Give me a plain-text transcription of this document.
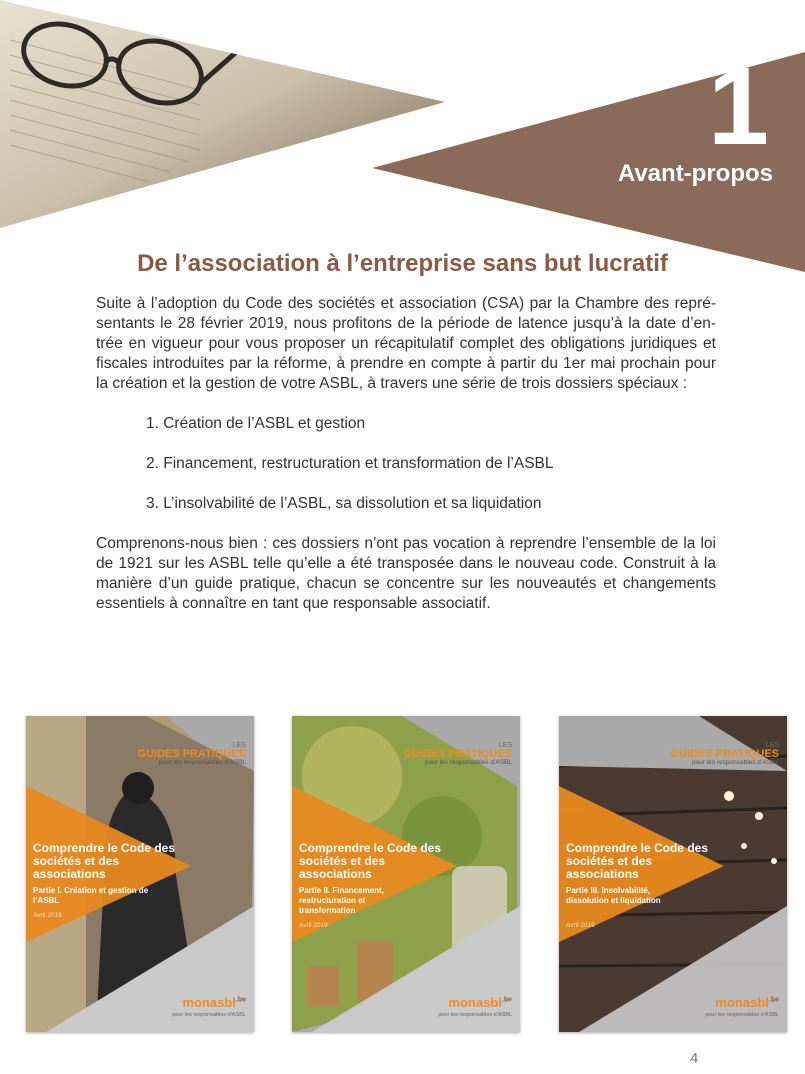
1
Avant-propos
De l’association à l’entreprise sans but lucratif

Suite à l’adoption du Code des sociétés et association (CSA) par la Chambre des repré-sentants le 28 février 2019, nous profitons de la période de latence jusqu’à la date d’en-trée en vigueur pour vous proposer un récapitulatif complet des obligations juridiques et fiscales introduites par la réforme, à prendre en compte à partir du 1er mai prochain pour la création et la gestion de votre ASBL, à travers une série de trois dossiers spéciaux :

1. Création de l’ASBL et gestion
2. Financement, restructuration et transformation de l’ASBL
3. L’insolvabilité de l’ASBL, sa dissolution et sa liquidation

Comprenons-nous bien : ces dossiers n’ont pas vocation à reprendre l’ensemble de la loi de 1921 sur les ASBL telle qu’elle a été transposée dans le nouveau code. Construit à la manière d’un guide pratique, chacun se concentre sur les nouveautés et changements essentiels à connaître en tant que responsable associatif.

LES
GUIDES PRATIQUES
pour les responsables d’ASBL
Comprendre le Code des sociétés et des associations
Partie I. Création et gestion de l’ASBL
Avril 2019
monasbl$^{.be}$
pour les responsables d’ASBL
LES
GUIDES PRATIQUES
pour les responsables d’ASBL
Comprendre le Code des sociétés et des associations
Partie II. Financement, restructuration et transformation
Avril 2019
monasbl$^{.be}$
pour les responsables d’ASBL
LES
GUIDES PRATIQUES
pour les responsables d’ASBL
Comprendre le Code des sociétés et des associations
Partie III. Insolvabilité, dissolution et liquidation
Avril 2019
monasbl$^{.be}$
pour les responsables d’ASBL
4
